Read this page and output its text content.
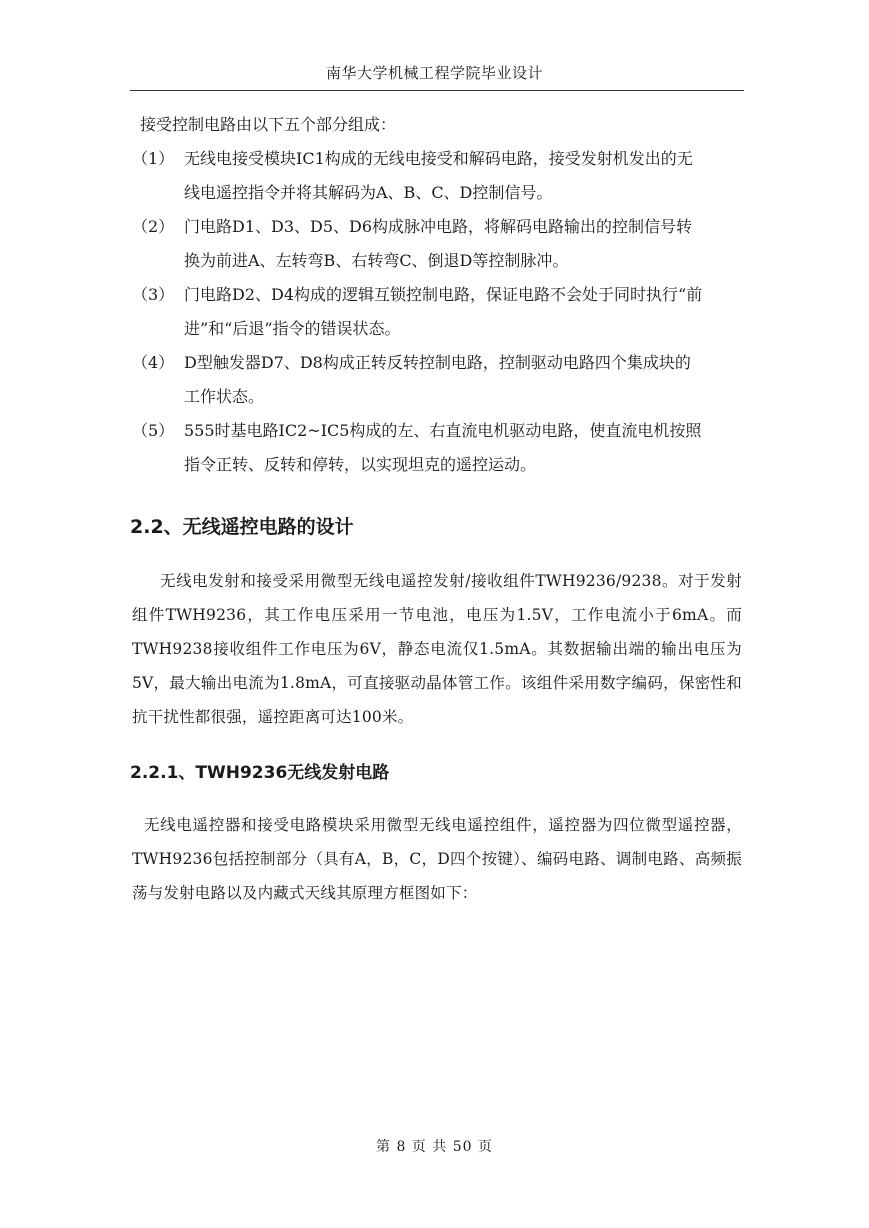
南华大学机械工程学院毕业设计

接受控制电路由以下五个部分组成：

（1） 无线电接受模块IC1构成的无线电接受和解码电路，接受发射机发出的无
线电遥控指令并将其解码为A、B、C、D控制信号。
（2） 门电路D1、D3、D5、D6构成脉冲电路，将解码电路输出的控制信号转
换为前进A、左转弯B、右转弯C、倒退D等控制脉冲。
（3） 门电路D2、D4构成的逻辑互锁控制电路，保证电路不会处于同时执行“前
进”和“后退”指令的错误状态。
（4） D型触发器D7、D8构成正转反转控制电路，控制驱动电路四个集成块的
工作状态。
（5） 555时基电路IC2~IC5构成的左、右直流电机驱动电路，使直流电机按照
指令正转、反转和停转，以实现坦克的遥控运动。
2.2、无线遥控电路的设计

无线电发射和接受采用微型无线电遥控发射/接收组件TWH9236/9238。对于发射组件TWH9236，其工作电压采用一节电池，电压为1.5V，工作电流小于6mA。而TWH9238接收组件工作电压为6V，静态电流仅1.5mA。其数据输出端的输出电压为5V，最大输出电流为1.8mA，可直接驱动晶体管工作。该组件采用数字编码，保密性和抗干扰性都很强，遥控距离可达100米。

2.2.1、TWH9236无线发射电路

无线电遥控器和接受电路模块采用微型无线电遥控组件，遥控器为四位微型遥控器，TWH9236包括控制部分（具有A，B，C，D四个按键）、编码电路、调制电路、高频振荡与发射电路以及内藏式天线其原理方框图如下：

第 8 页 共 50 页
